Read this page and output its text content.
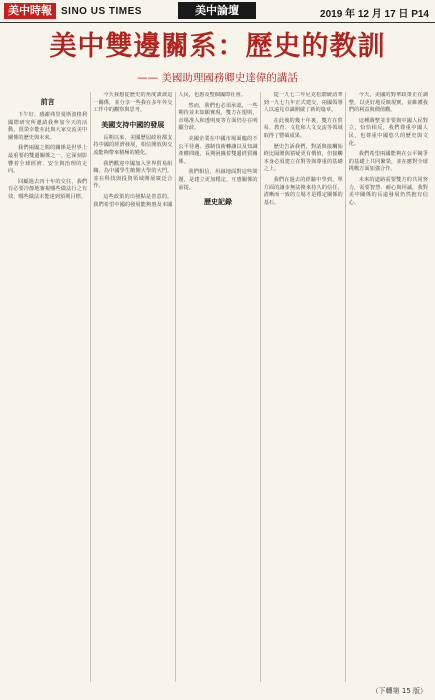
美中時報 SINO US TIMES	美中論壇	2019 年 12 月 17 日 P14
美中雙邊關系：歷史的教訓
—— 美國助理國務卿史達偉的講話
前言

下午好。感謝弗里曼斯波格利國際研究所邀請我參加今天的活動，很榮幸能在此與大家交流美中關係的歷史與未來。

我們兩國之間的關係是世界上最重要的雙邊關係之一，它深刻影響着全球經濟、安全與治理的走向。

回顧過去四十年的交往，我們有必要冷靜地審視哪些做法行之有效，哪些做法未能達到預期目標。

今天我想從歷史的角度談談這一關係，並分享一些我在多年外交工作中的觀察與思考。

美國支持中國的發展

長期以來，美國歷屆政府都支持中國的經濟發展，相信開放與交流能夠帶來積極的變化。

我們歡迎中國加入世界貿易組織，為中國學生敞開大學的大門，並在科技與投資領域開展廣泛合作。

這些政策的出發點是善意的，我們希望中國的發展能夠惠及本國人民，也惠及整個國際社會。

然而，我們也必須承認，一些期待並未如願實現，雙方在規則、市場准入和透明度等方面仍存在明顯分歧。

美國企業在中國市場面臨的不公平待遇、強制技術轉讓以及知識產權問題，長期困擾着雙邊經貿關係。

我們相信，坦誠地面對這些問題，是建立更加穩定、互惠關係的前提。

歷史記錄

從一九七二年尼克松總統訪華到一九七九年正式建交，兩國領導人以遠見卓識開啟了新的篇章。

在此後的幾十年裏，雙方在貿易、教育、文化和人文交流等領域取得了豐碩成果。

歷史告訴我們，對話與接觸始終比隔閡與猜疑更有價值，但接觸本身必須建立在對等與尊重的基礎之上。

我們在過去的經驗中學到，單方面的讓步無法換來持久的信任，清晰而一致的立場才是穩定關係的基石。

今天，美國的對華政策正在調整，以更好地反映現實，並維護我們的利益與價值觀。

這種調整並非要與中國人民對立，恰恰相反，我們尊重中國人民，也尊重中國悠久的歷史與文化。

我們希望兩國能夠在公平競爭的基礎上共同繁榮，並在應對全球挑戰方面加強合作。

未來的道路需要雙方的共同努力，需要智慧、耐心與坦誠，我對美中關係的長遠發展仍然抱有信心。

（下轉第 15 版）
